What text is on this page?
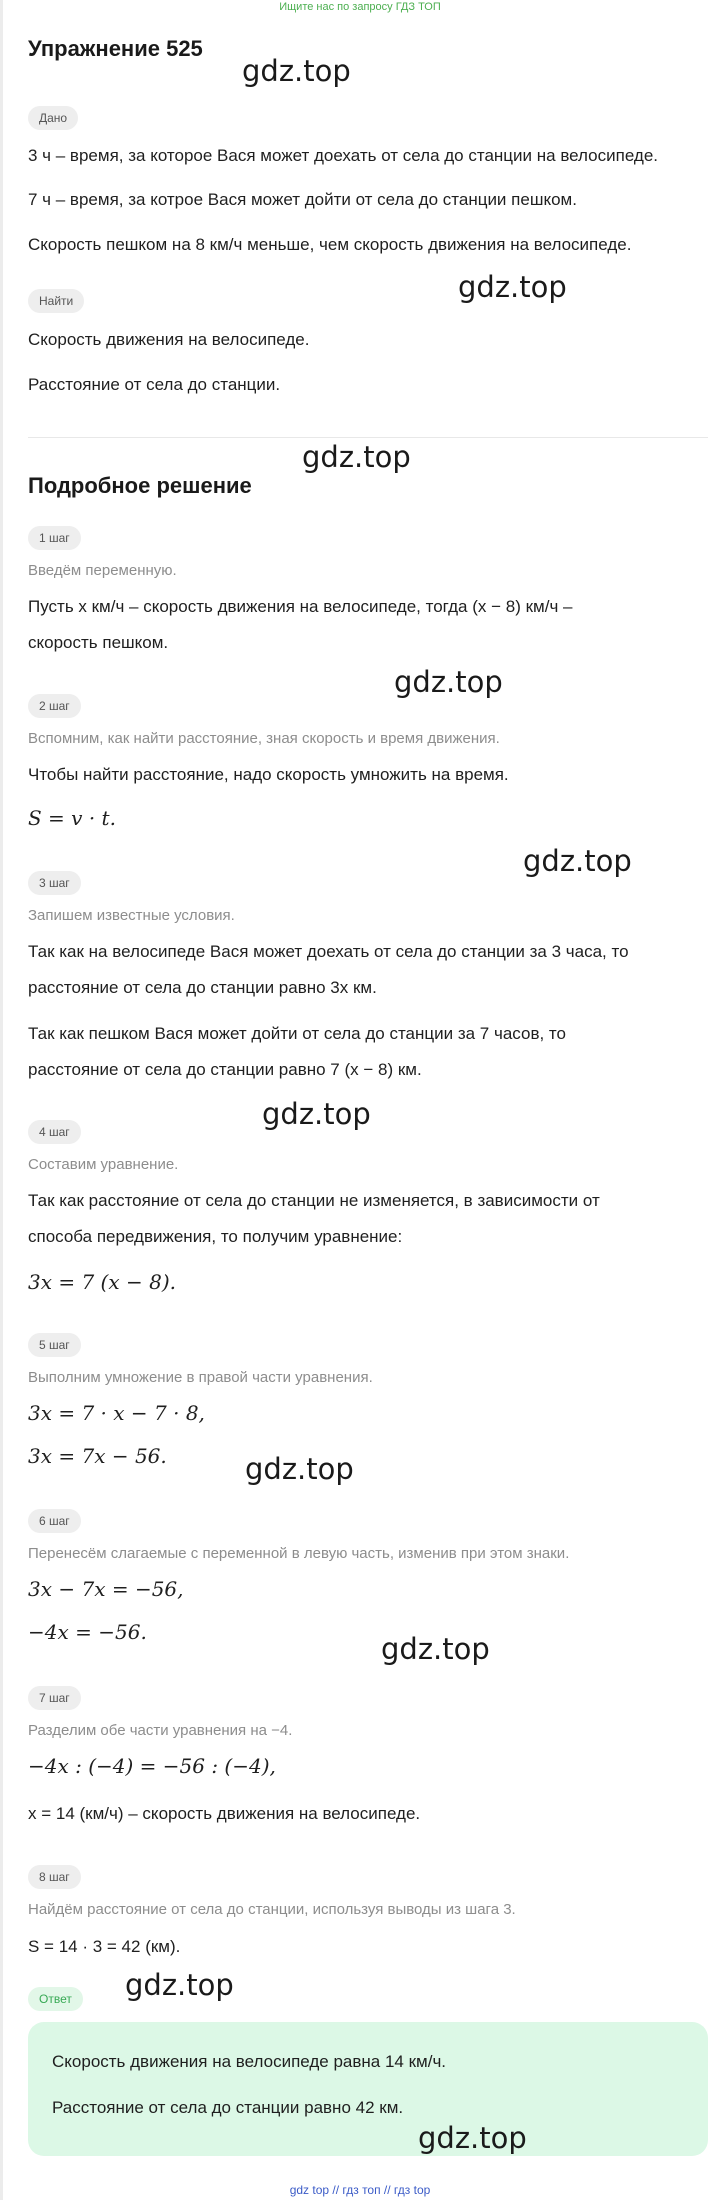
Ищите нас по запросу ГДЗ ТОП
Упражнение 525
Дано
3 ч – время, за которое Вася может доехать от села до станции на велосипеде.
7 ч – время, за котрое Вася может дойти от села до станции пешком.
Скорость пешком на 8 км/ч меньше, чем скорость движения на велосипеде.
Найти
Скорость движения на велосипеде.
Расстояние от села до станции.
Подробное решение
1 шаг
Введём переменную.
Пусть x км/ч – скорость движения на велосипеде, тогда (x − 8) км/ч –
скорость пешком.
2 шаг
Вспомним, как найти расстояние, зная скорость и время движения.
Чтобы найти расстояние, надо скорость умножить на время.
S = v · t.
3 шаг
Запишем известные условия.
Так как на велосипеде Вася может доехать от села до станции за 3 часа, то
расстояние от села до станции равно 3x км.
Так как пешком Вася может дойти от села до станции за 7 часов, то
расстояние от села до станции равно 7 (x − 8) км.
4 шаг
Составим уравнение.
Так как расстояние от села до станции не изменяется, в зависимости от
способа передвижения, то получим уравнение:
3x = 7 (x − 8).
5 шаг
Выполним умножение в правой части уравнения.
3x = 7 · x − 7 · 8,
3x = 7x − 56.
6 шаг
Перенесём слагаемые с переменной в левую часть, изменив при этом знаки.
3x − 7x = −56,
−4x = −56.
7 шаг
Разделим обе части уравнения на −4.
−4x : (−4) = −56 : (−4),
x = 14 (км/ч) – скорость движения на велосипеде.
8 шаг
Найдём расстояние от села до станции, используя выводы из шага 3.
S = 14 · 3 = 42 (км).
Ответ
Скорость движения на велосипеде равна 14 км/ч.
Расстояние от села до станции равно 42 км.
gdz.top
gdz.top
gdz.top
gdz.top
gdz.top
gdz.top
gdz.top
gdz.top
gdz.top
gdz.top
gdz top // гдз топ // гдз top
